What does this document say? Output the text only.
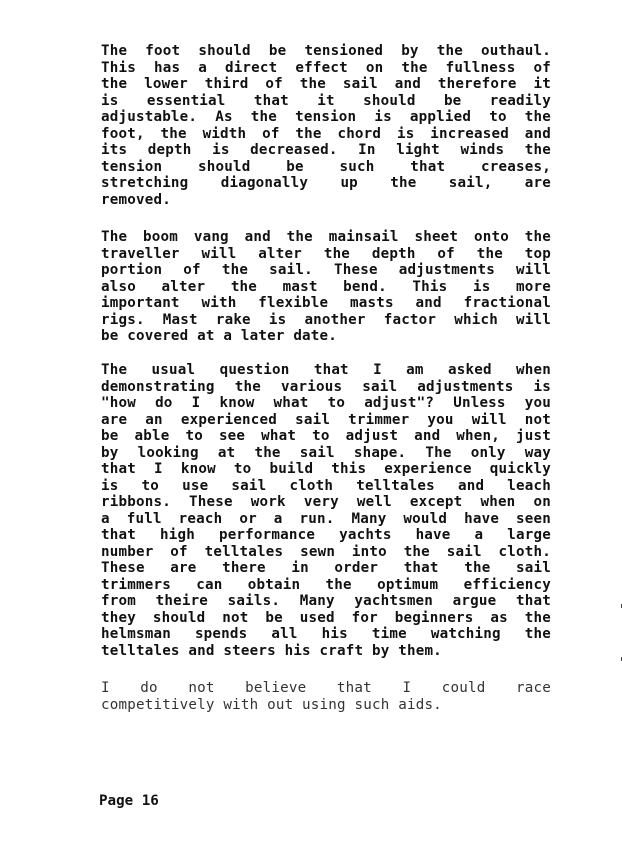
The foot should be tensioned by the outhaul.
This has a direct effect on the fullness of
the lower third of the sail and therefore it
is essential that it should be readily
adjustable. As the tension is applied to the
foot, the width of the chord is increased and
its depth is decreased. In light winds the
tension should be such that creases,
stretching diagonally up the sail, are
removed.
The boom vang and the mainsail sheet onto the
traveller will alter the depth of the top
portion of the sail. These adjustments will
also alter the mast bend. This is more
important with flexible masts and fractional
rigs. Mast rake is another factor which will
be covered at a later date.
The usual question that I am asked when
demonstrating the various sail adjustments is
"how do I know what to adjust"? Unless you
are an experienced sail trimmer you will not
be able to see what to adjust and when, just
by looking at the sail shape. The only way
that I know to build this experience quickly
is to use sail cloth telltales and leach
ribbons. These work very well except when on
a full reach or a run. Many would have seen
that high performance yachts have a large
number of telltales sewn into the sail cloth.
These are there in order that the sail
trimmers can obtain the optimum efficiency
from theire sails. Many yachtsmen argue that
they should not be used for beginners as the
helmsman spends all his time watching the
telltales and steers his craft by them.
I do not believe that I could race
competitively with out using such aids.

Page 16
